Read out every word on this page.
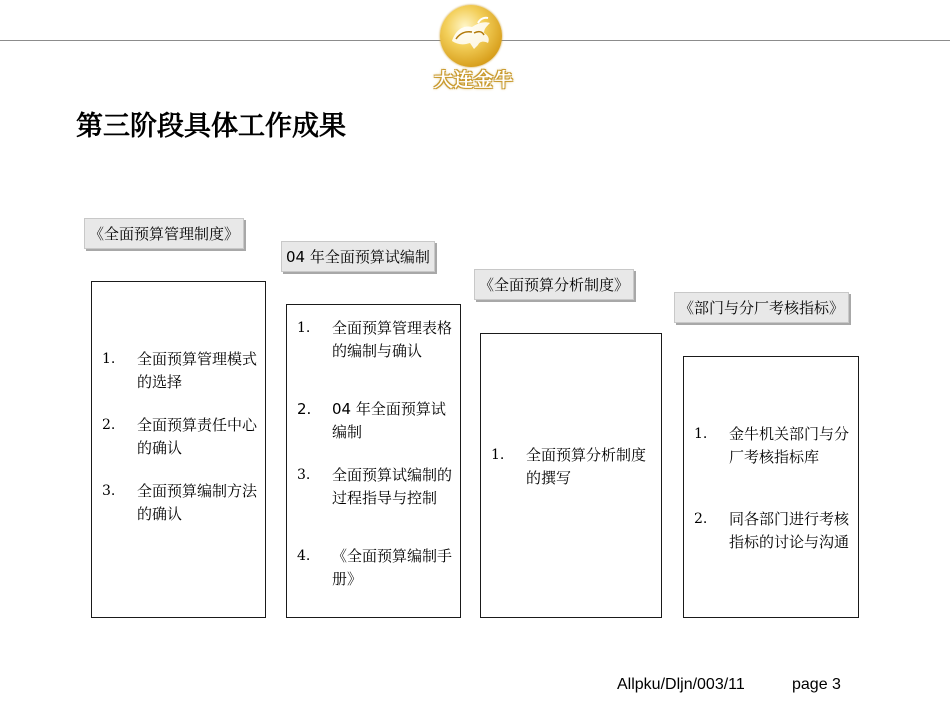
大连金牛
第三阶段具体工作成果
《全面预算管理制度》
1.	全面预算管理模式的选择
2.	全面预算责任中心的确认
3.	全面预算编制方法的确认
04 年全面预算试编制
1.	全面预算管理表格的编制与确认
2.	04 年全面预算试编制
3.	全面预算试编制的过程指导与控制
4.	《全面预算编制手册》
《全面预算分析制度》
1.	全面预算分析制度的撰写
《部门与分厂考核指标》
1.	金牛机关部门与分厂考核指标库
2.	同各部门进行考核指标的讨论与沟通
Allpku/Dljn/003/11	page 3
